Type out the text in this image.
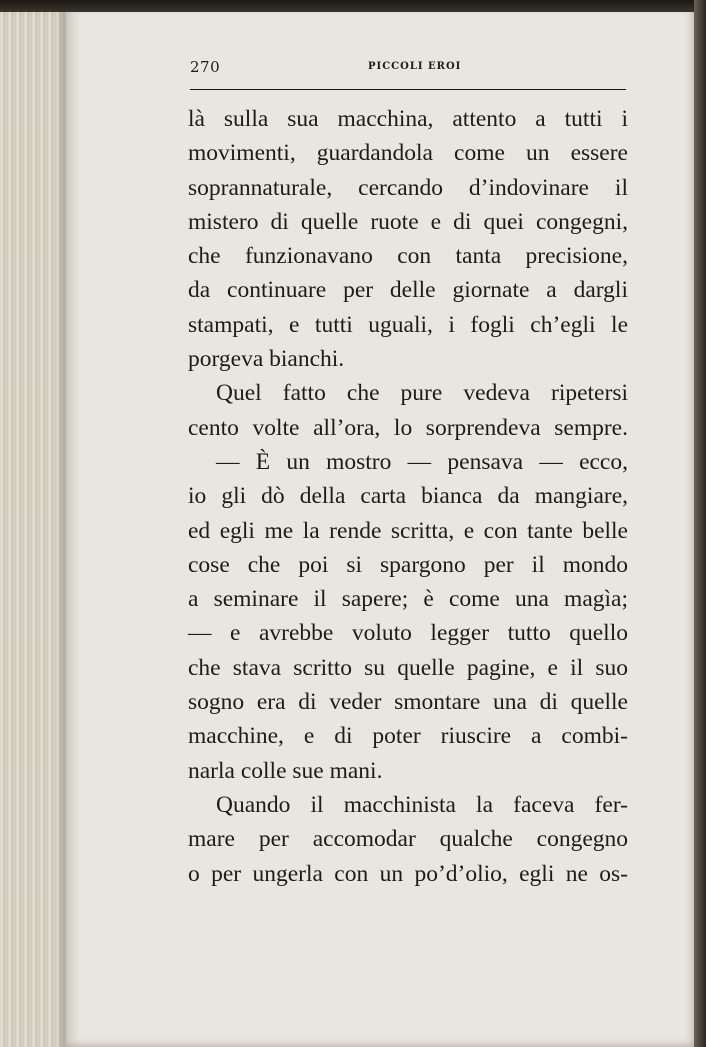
270	PICCOLI EROI
là sulla sua macchina, attento a tutti i
movimenti, guardandola come un essere
soprannaturale, cercando d’indovinare il
mistero di quelle ruote e di quei congegni,
che funzionavano con tanta precisione,
da continuare per delle giornate a dargli
stampati, e tutti uguali, i fogli ch’egli le
porgeva bianchi.
Quel fatto che pure vedeva ripetersi
cento volte all’ora, lo sorprendeva sempre.
— È un mostro — pensava — ecco,
io gli dò della carta bianca da mangiare,
ed egli me la rende scritta, e con tante belle
cose che poi si spargono per il mondo
a seminare il sapere; è come una magìa;
— e avrebbe voluto legger tutto quello
che stava scritto su quelle pagine, e il suo
sogno era di veder smontare una di quelle
macchine, e di poter riuscire a combi-
narla colle sue mani.
Quando il macchinista la faceva fer-
mare per accomodar qualche congegno
o per ungerla con un po’d’olio, egli ne os-
